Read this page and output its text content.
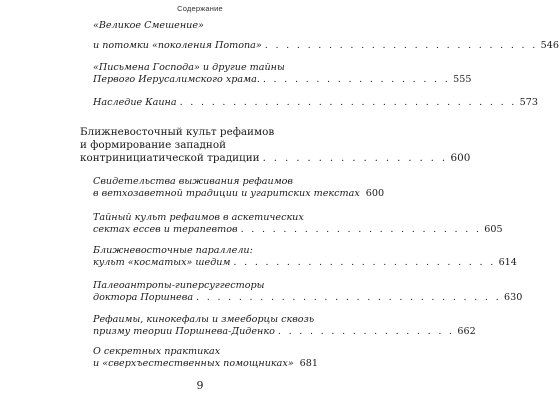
Содержание
«Великое Смешение»
и потомки «поколения Потопа» . . . . . . . . . . . . . . . . . . . . . . . . . . 546
«Письмена Господа» и другие тайны
Первого Иерусалимского храма. . . . . . . . . . . . . . . . . . . 555
Наследие Каина . . . . . . . . . . . . . . . . . . . . . . . . . . . . . . . . 573
Ближневосточный культ рефаимов
и формирование западной
контринициатической традиции . . . . . . . . . . . . . . . . . 600
Свидетельства выживания рефаимов
в ветхозаветной традиции и угаритских текстах 600
Тайный культ рефаимов в аскетических
сектах ессев и терапевтов . . . . . . . . . . . . . . . . . . . . . . . 605
Ближневосточные параллели:
культ «косматых» шедим . . . . . . . . . . . . . . . . . . . . . . . . . 614
Палеоантропы-гиперсуггесторы
доктора Поршнева . . . . . . . . . . . . . . . . . . . . . . . . . . . . . 630
Рефаимы, кинокефалы и змееборцы сквозь
призму теории Поршнева-Диденко . . . . . . . . . . . . . . . . . 662
О секретных практиках
и «сверхъестественных помощниках» 681
9
